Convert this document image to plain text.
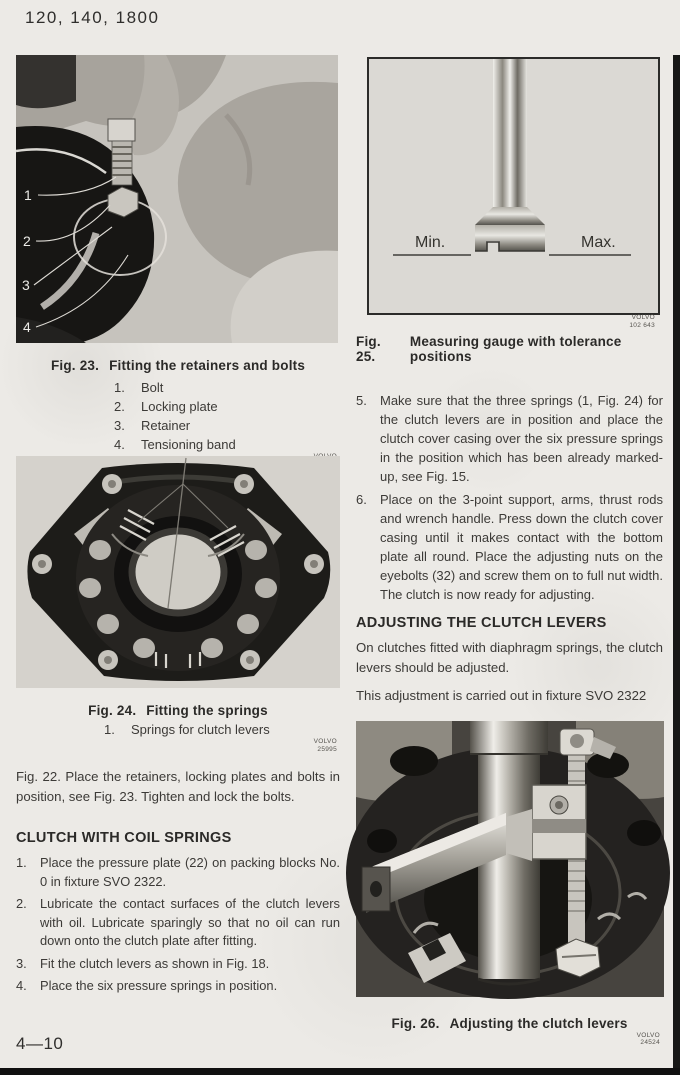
120, 140, 1800
1
2
3
4
Fig. 23. Fitting the retainers and bolts
1.	Bolt
2.	Locking plate
3.	Retainer
4.	Tensioning band
VOLVO
25995
Fig. 24. Fitting the springs
1.	Springs for clutch levers
Fig. 22. Place the retainers, locking plates and bolts in position, see Fig. 23. Tighten and lock the bolts.
CLUTCH WITH COIL SPRINGS
1.	Place the pressure plate (22) on packing blocks No. 0 in fixture SVO 2322.
2.	Lubricate the contact surfaces of the clutch levers with oil. Lubricate sparingly so that no oil can run down onto the clutch plate after fitting.
3.	Fit the clutch levers as shown in Fig. 18.
4.	Place the six pressure springs in position.
Min.	Max.
VOLVO
102 643
Fig. 25.
Measuring gauge with tolerance positions
5.	Make sure that the three springs (1, Fig. 24) for the clutch levers are in position and place the clutch cover casing over the six pressure springs in the position which has been already marked-up, see Fig. 15.
6.	Place on the 3-point support, arms, thrust rods and wrench handle. Press down the clutch cover casing until it makes contact with the bottom plate all round. Place the adjusting nuts on the eyebolts (32) and screw them on to full nut width. The clutch is now ready for adjusting.
ADJUSTING THE CLUTCH LEVERS
On clutches fitted with diaphragm springs, the clutch levers should be adjusted.
This adjustment is carried out in fixture SVO 2322
VOLVO
24524
Fig. 26. Adjusting the clutch levers
4—10
